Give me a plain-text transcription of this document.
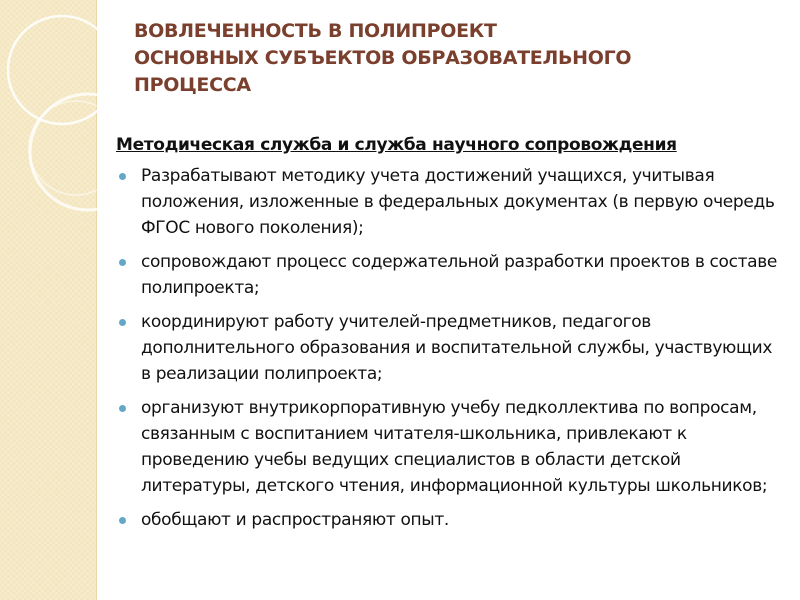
ВОВЛЕЧЕННОСТЬ В ПОЛИПРОЕКТ
ОСНОВНЫХ СУБЪЕКТОВ ОБРАЗОВАТЕЛЬНОГО
ПРОЦЕССА
Методическая служба и служба научного сопровождения
Разрабатывают методику учета достижений учащихся, учитывая положения, изложенные в федеральных документах (в первую очередь ФГОС нового поколения);
сопровождают процесс содержательной разработки проектов в составе полипроекта;
координируют работу учителей-предметников, педагогов дополнительного образования и воспитательной службы, участвующих в реализации полипроекта;
организуют внутрикорпоративную учебу педколлектива по вопросам, связанным с воспитанием читателя-школьника, привлекают к проведению учебы ведущих специалистов в области детской литературы, детского чтения, информационной культуры школьников;
обобщают и распространяют опыт.
